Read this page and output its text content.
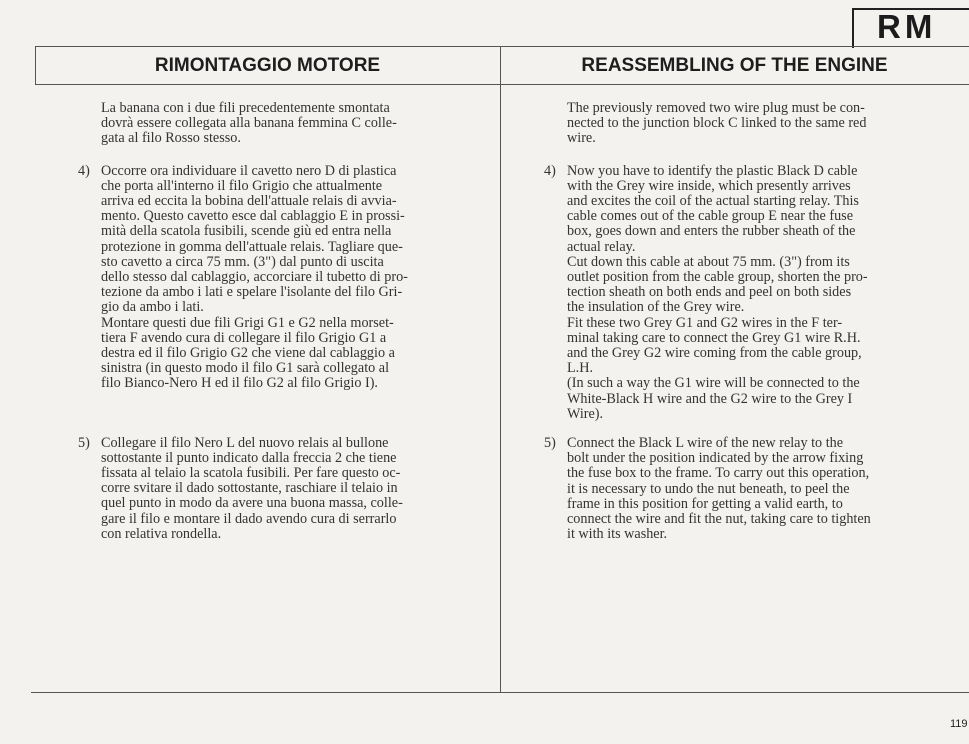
RM
RIMONTAGGIO MOTORE	REASSEMBLING OF THE ENGINE
La banana con i due fili precedentemente smontata
dovrà essere collegata alla banana femmina C colle-
gata al filo Rosso stesso.
4) Occorre ora individuare il cavetto nero D di plastica
che porta all'interno il filo Grigio che attualmente
arriva ed eccita la bobina dell'attuale relais di avvia-
mento. Questo cavetto esce dal cablaggio E in prossi-
mità della scatola fusibili, scende giù ed entra nella
protezione in gomma dell'attuale relais. Tagliare que-
sto cavetto a circa 75 mm. (3") dal punto di uscita
dello stesso dal cablaggio, accorciare il tubetto di pro-
tezione da ambo i lati e spelare l'isolante del filo Gri-
gio da ambo i lati.
Montare questi due fili Grigi G1 e G2 nella morset-
tiera F avendo cura di collegare il filo Grigio G1 a
destra ed il filo Grigio G2 che viene dal cablaggio a
sinistra (in questo modo il filo G1 sarà collegato al
filo Bianco-Nero H ed il filo G2 al filo Grigio I).
5) Collegare il filo Nero L del nuovo relais al bullone
sottostante il punto indicato dalla freccia 2 che tiene
fissata al telaio la scatola fusibili. Per fare questo oc-
corre svitare il dado sottostante, raschiare il telaio in
quel punto in modo da avere una buona massa, colle-
gare il filo e montare il dado avendo cura di serrarlo
con relativa rondella.
The previously removed two wire plug must be con-
nected to the junction block C linked to the same red
wire.
4) Now you have to identify the plastic Black D cable
with the Grey wire inside, which presently arrives
and excites the coil of the actual starting relay. This
cable comes out of the cable group E near the fuse
box, goes down and enters the rubber sheath of the
actual relay.
Cut down this cable at about 75 mm. (3") from its
outlet position from the cable group, shorten the pro-
tection sheath on both ends and peel on both sides
the insulation of the Grey wire.
Fit these two Grey G1 and G2 wires in the F ter-
minal taking care to connect the Grey G1 wire R.H.
and the Grey G2 wire coming from the cable group,
L.H.
(In such a way the G1 wire will be connected to the
White-Black H wire and the G2 wire to the Grey I
Wire).
5) Connect the Black L wire of the new relay to the
bolt under the position indicated by the arrow fixing
the fuse box to the frame. To carry out this operation,
it is necessary to undo the nut beneath, to peel the
frame in this position for getting a valid earth, to
connect the wire and fit the nut, taking care to tighten
it with its washer.
119
